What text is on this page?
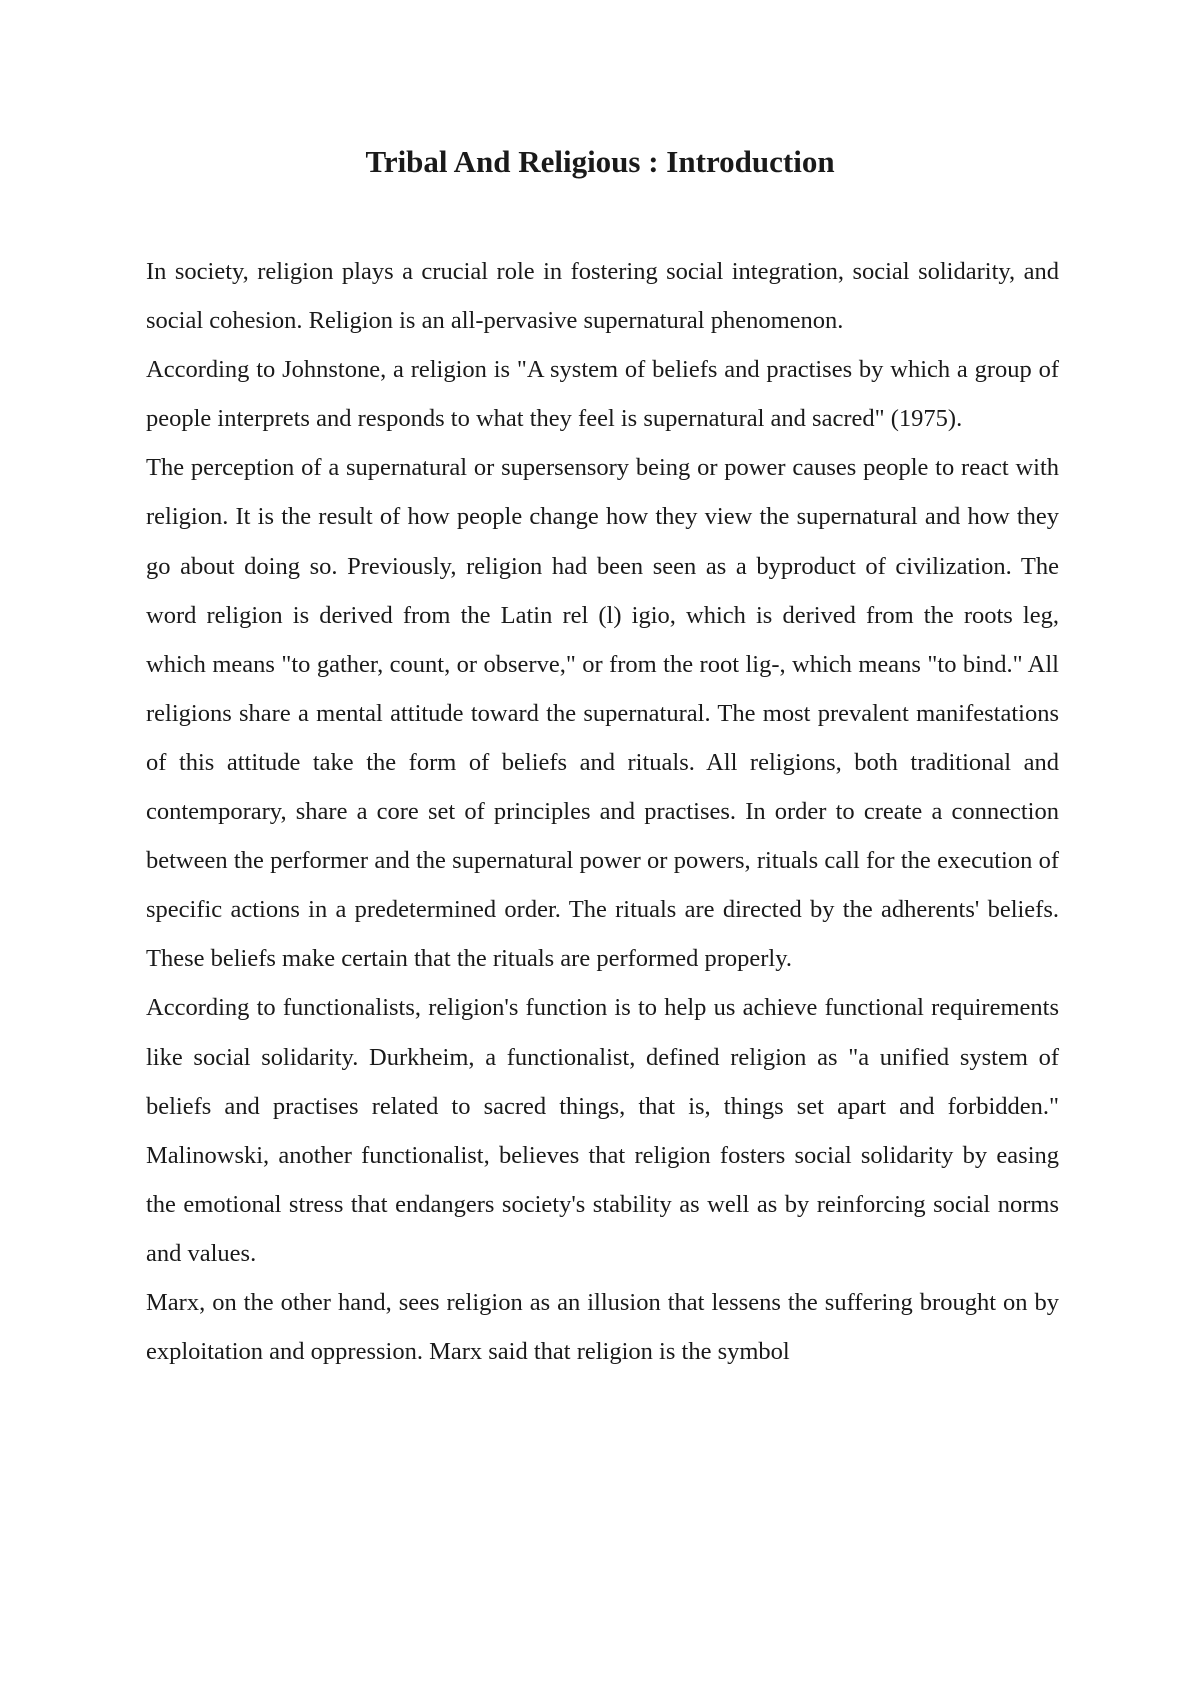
Tribal And Religious : Introduction

In society, religion plays a crucial role in fostering social integration, social solidarity, and social cohesion. Religion is an all-pervasive supernatural phenomenon.

According to Johnstone, a religion is "A system of beliefs and practises by which a group of people interprets and responds to what they feel is supernatural and sacred" (1975).

The perception of a supernatural or supersensory being or power causes people to react with religion. It is the result of how people change how they view the supernatural and how they go about doing so. Previously, religion had been seen as a byproduct of civilization. The word religion is derived from the Latin rel (l) igio, which is derived from the roots leg, which means "to gather, count, or observe," or from the root lig-, which means "to bind." All religions share a mental attitude toward the supernatural. The most prevalent manifestations of this attitude take the form of beliefs and rituals. All religions, both traditional and contemporary, share a core set of principles and practises. In order to create a connection between the performer and the supernatural power or powers, rituals call for the execution of specific actions in a predetermined order. The rituals are directed by the adherents' beliefs. These beliefs make certain that the rituals are performed properly.

According to functionalists, religion's function is to help us achieve functional requirements like social solidarity. Durkheim, a functionalist, defined religion as "a unified system of beliefs and practises related to sacred things, that is, things set apart and forbidden." Malinowski, another functionalist, believes that religion fosters social solidarity by easing the emotional stress that endangers society's stability as well as by reinforcing social norms and values.

Marx, on the other hand, sees religion as an illusion that lessens the suffering brought on by exploitation and oppression. Marx said that religion is the symbol
